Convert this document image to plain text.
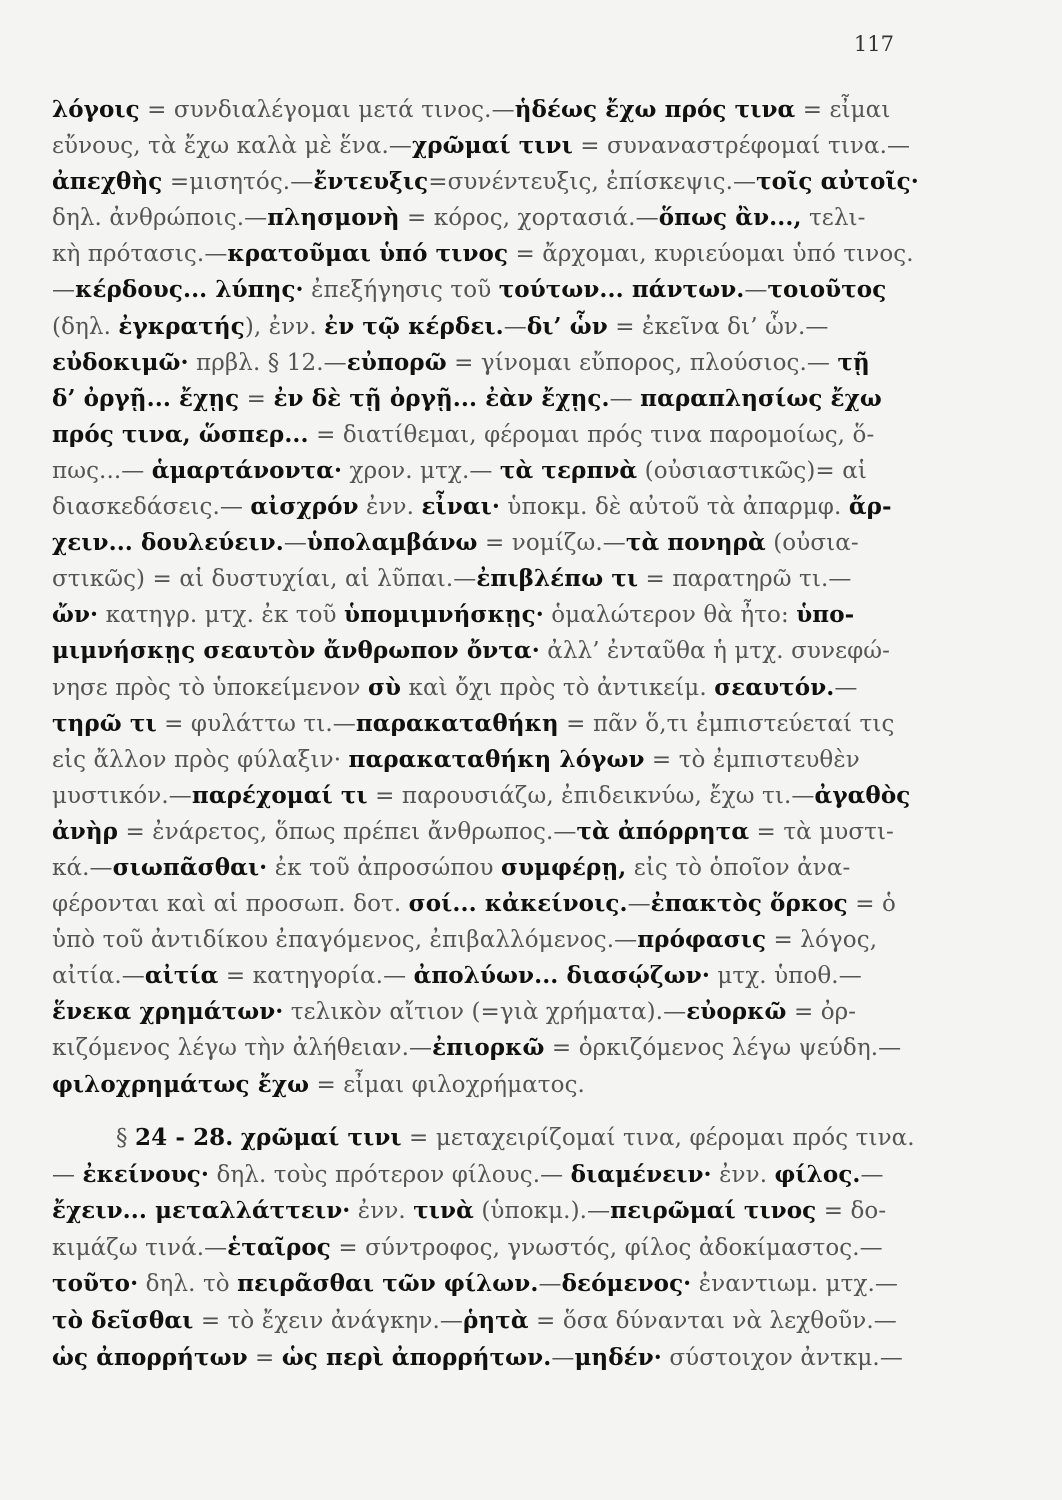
117
λόγοις = συνδιαλέγομαι μετά τινος.—ἡδέως ἔχω πρός τινα = εἶμαι
εὔνους, τὰ ἔχω καλὰ μὲ ἕνα.—χρῶμαί τινι = συναναστρέφομαί τινα.—
ἀπεχθὴς =μισητός.—ἔντευξις=συνέντευξις, ἐπίσκεψις.—τοῖς αὐτοῖς·
δηλ. ἀνθρώποις.—πλησμονὴ = κόρος, χορτασιά.—ὅπως ἂν..., τελι-
κὴ πρότασις.—κρατοῦμαι ὑπό τινος = ἄρχομαι, κυριεύομαι ὑπό τινος.
—κέρδους... λύπης· ἐπεξήγησις τοῦ τούτων... πάντων.—τοιοῦτος
(δηλ. ἐγκρατής), ἐνν. ἐν τῷ κέρδει.—δι’ ὧν = ἐκεῖνα δι’ ὧν.—
εὐδοκιμῶ· πρβλ. § 12.—εὐπορῶ = γίνομαι εὔπορος, πλούσιος.— τῇ
δ’ ὀργῇ... ἔχῃς = ἐν δὲ τῇ ὀργῇ... ἐὰν ἔχῃς.— παραπλησίως ἔχω
πρός τινα, ὥσπερ... = διατίθεμαι, φέρομαι πρός τινα παρομοίως, ὅ-
πως...— ἁμαρτάνοντα· χρον. μτχ.— τὰ τερπνὰ (οὐσιαστικῶς)= αἱ
διασκεδάσεις.— αἰσχρόν ἐνν. εἶναι· ὑποκμ. δὲ αὐτοῦ τὰ ἀπαρμφ. ἄρ-
χειν... δουλεύειν.—ὑπολαμβάνω = νομίζω.—τὰ πονηρὰ (οὐσια-
στικῶς) = αἱ δυστυχίαι, αἱ λῦπαι.—ἐπιβλέπω τι = παρατηρῶ τι.—
ὤν· κατηγρ. μτχ. ἐκ τοῦ ὑπομιμνήσκῃς· ὁμαλώτερον θὰ ἦτο: ὑπο-
μιμνήσκῃς σεαυτὸν ἄνθρωπον ὄντα· ἀλλ’ ἐνταῦθα ἡ μτχ. συνεφώ-
νησε πρὸς τὸ ὑποκείμενον σὺ καὶ ὄχι πρὸς τὸ ἀντικείμ. σεαυτόν.—
τηρῶ τι = φυλάττω τι.—παρακαταθήκη = πᾶν ὅ,τι ἐμπιστεύεταί τις
εἰς ἄλλον πρὸς φύλαξιν· παρακαταθήκη λόγων = τὸ ἐμπιστευθὲν
μυστικόν.—παρέχομαί τι = παρουσιάζω, ἐπιδεικνύω, ἔχω τι.—ἀγαθὸς
ἀνὴρ = ἐνάρετος, ὅπως πρέπει ἄνθρωπος.—τὰ ἀπόρρητα = τὰ μυστι-
κά.—σιωπᾶσθαι· ἐκ τοῦ ἀπροσώπου συμφέρῃ, εἰς τὸ ὁποῖον ἀνα-
φέρονται καὶ αἱ προσωπ. δοτ. σοί... κἀκείνοις.—ἐπακτὸς ὅρκος = ὁ
ὑπὸ τοῦ ἀντιδίκου ἐπαγόμενος, ἐπιβαλλόμενος.—πρόφασις = λόγος,
αἰτία.—αἰτία = κατηγορία.— ἀπολύων... διασῴζων· μτχ. ὑποθ.—
ἕνεκα χρημάτων· τελικὸν αἴτιον (=γιὰ χρήματα).—εὐορκῶ = ὀρ-
κιζόμενος λέγω τὴν ἀλήθειαν.—ἐπιορκῶ = ὁρκιζόμενος λέγω ψεύδη.—
φιλοχρημάτως ἔχω = εἶμαι φιλοχρήματος.
§ 24 - 28. χρῶμαί τινι = μεταχειρίζομαί τινα, φέρομαι πρός τινα.
— ἐκείνους· δηλ. τοὺς πρότερον φίλους.— διαμένειν· ἐνν. φίλος.—
ἔχειν... μεταλλάττειν· ἐνν. τινὰ (ὑποκμ.).—πειρῶμαί τινος = δο-
κιμάζω τινά.—ἑταῖρος = σύντροφος, γνωστός, φίλος ἀδοκίμαστος.—
τοῦτο· δηλ. τὸ πειρᾶσθαι τῶν φίλων.—δεόμενος· ἐναντιωμ. μτχ.—
τὸ δεῖσθαι = τὸ ἔχειν ἀνάγκην.—ῥητὰ = ὅσα δύνανται νὰ λεχθοῦν.—
ὡς ἀπορρήτων = ὡς περὶ ἀπορρήτων.—μηδέν· σύστοιχον ἀντκμ.—
